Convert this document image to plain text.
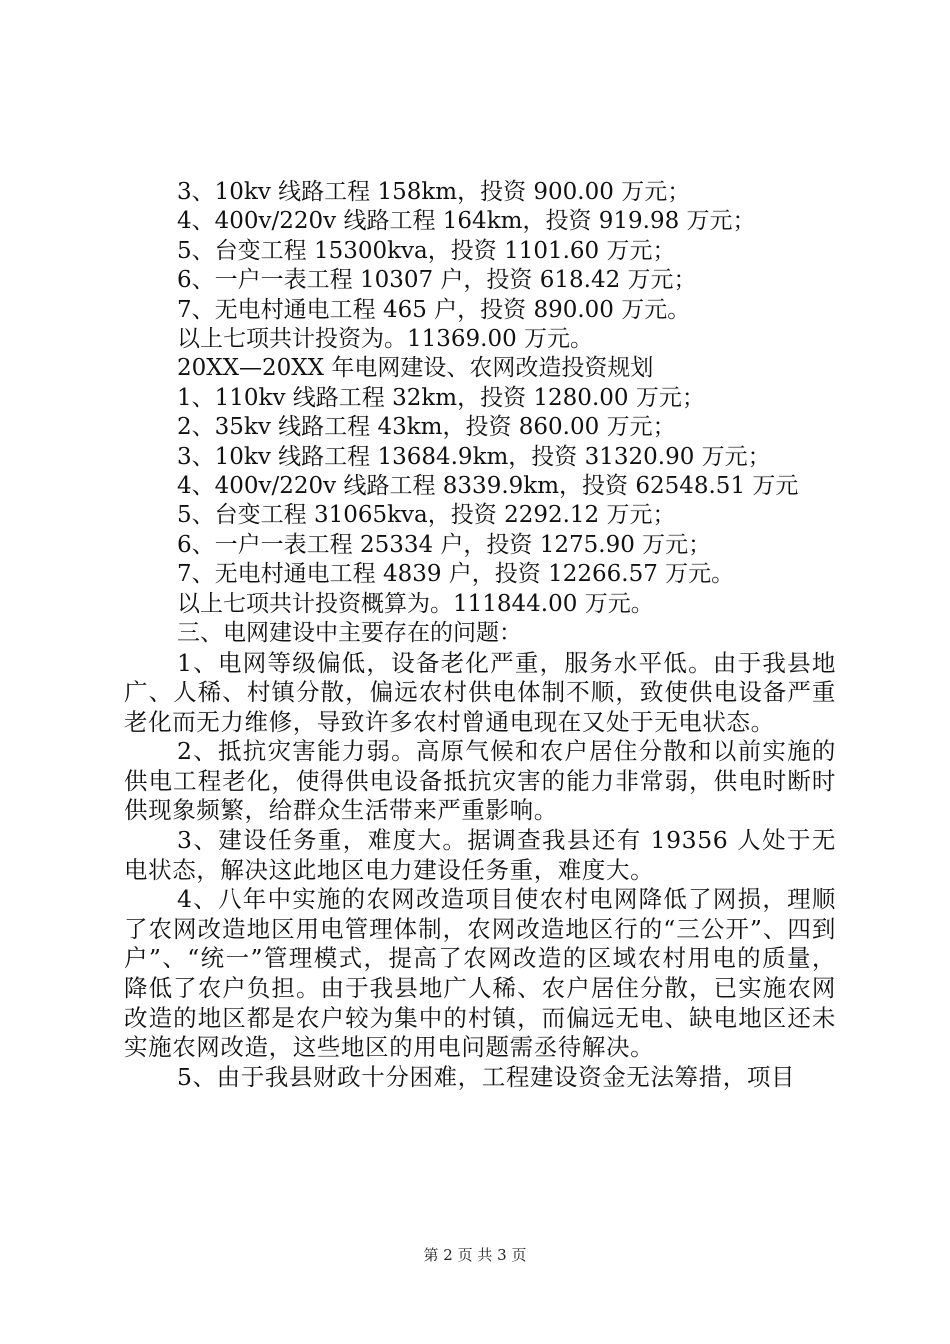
3、10kv 线路工程 158km，投资 900.00 万元；

4、400v/220v 线路工程 164km，投资 919.98 万元；

5、台变工程 15300kva，投资 1101.60 万元；

6、一户一表工程 10307 户，投资 618.42 万元；

7、无电村通电工程 465 户，投资 890.00 万元。

以上七项共计投资为。11369.00 万元。

20XX—20XX 年电网建设、农网改造投资规划

1、110kv 线路工程 32km，投资 1280.00 万元；

2、35kv 线路工程 43km，投资 860.00 万元；

3、10kv 线路工程 13684.9km，投资 31320.90 万元；

4、400v/220v 线路工程 8339.9km，投资 62548.51 万元

5、台变工程 31065kva，投资 2292.12 万元；

6、一户一表工程 25334 户，投资 1275.90 万元；

7、无电村通电工程 4839 户，投资 12266.57 万元。

以上七项共计投资概算为。111844.00 万元。

三、电网建设中主要存在的问题：

1、电网等级偏低，设备老化严重，服务水平低。由于我县地广、人稀、村镇分散，偏远农村供电体制不顺，致使供电设备严重老化而无力维修，导致许多农村曾通电现在又处于无电状态。

2、抵抗灾害能力弱。高原气候和农户居住分散和以前实施的供电工程老化，使得供电设备抵抗灾害的能力非常弱，供电时断时供现象频繁，给群众生活带来严重影响。

3、建设任务重，难度大。据调查我县还有 19356 人处于无电状态，解决这此地区电力建设任务重，难度大。

4、八年中实施的农网改造项目使农村电网降低了网损，理顺了农网改造地区用电管理体制，农网改造地区行的“三公开”、四到户”、“统一”管理模式，提高了农网改造的区域农村用电的质量，降低了农户负担。由于我县地广人稀、农户居住分散，已实施农网改造的地区都是农户较为集中的村镇，而偏远无电、缺电地区还未实施农网改造，这些地区的用电问题需丞待解决。

5、由于我县财政十分困难，工程建设资金无法筹措，项目

第 2 页 共 3 页
